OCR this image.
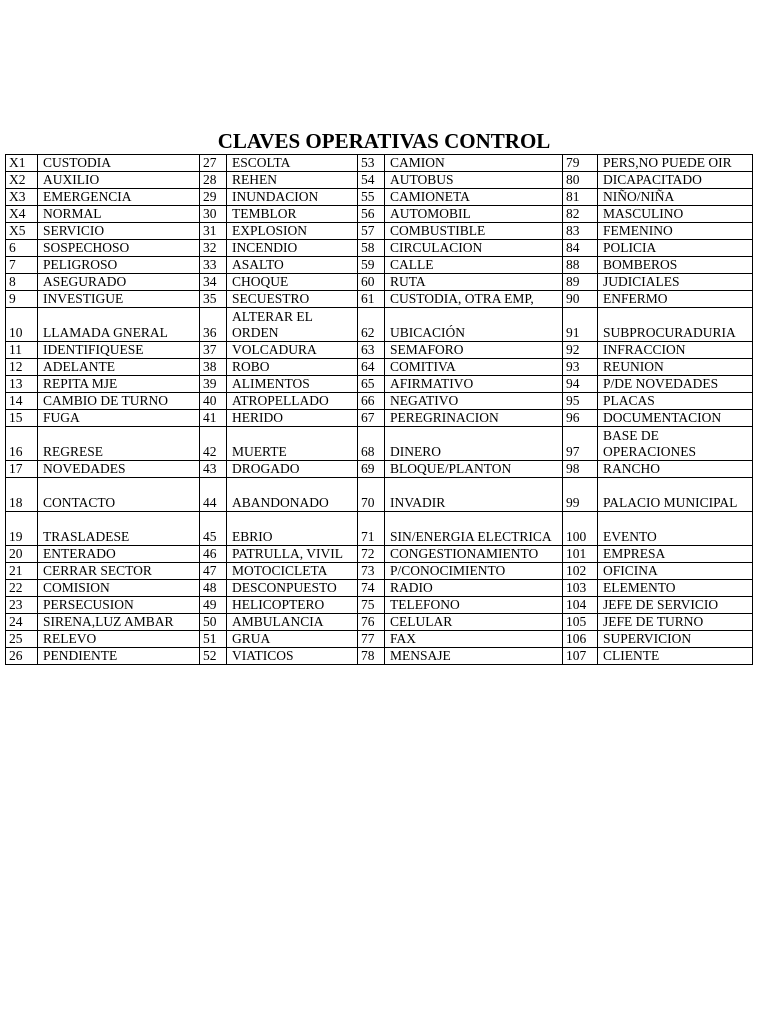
CLAVES OPERATIVAS CONTROL
X1	CUSTODIA	27	ESCOLTA	53	CAMION	79	PERS,NO PUEDE OIR
X2	AUXILIO	28	REHEN	54	AUTOBUS	80	DICAPACITADO
X3	EMERGENCIA	29	INUNDACION	55	CAMIONETA	81	NIÑO/NIÑA
X4	NORMAL	30	TEMBLOR	56	AUTOMOBIL	82	MASCULINO
X5	SERVICIO	31	EXPLOSION	57	COMBUSTIBLE	83	FEMENINO
6	SOSPECHOSO	32	INCENDIO	58	CIRCULACION	84	POLICIA
7	PELIGROSO	33	ASALTO	59	CALLE	88	BOMBEROS
8	ASEGURADO	34	CHOQUE	60	RUTA	89	JUDICIALES
9	INVESTIGUE	35	SECUESTRO	61	CUSTODIA, OTRA EMP,	90	ENFERMO
10	LLAMADA GNERAL	36	ALTERAR EL ORDEN	62	UBICACIÓN	91	SUBPROCURADURIA
11	IDENTIFIQUESE	37	VOLCADURA	63	SEMAFORO	92	INFRACCION
12	ADELANTE	38	ROBO	64	COMITIVA	93	REUNION
13	REPITA MJE	39	ALIMENTOS	65	AFIRMATIVO	94	P/DE NOVEDADES
14	CAMBIO DE TURNO	40	ATROPELLADO	66	NEGATIVO	95	PLACAS
15	FUGA	41	HERIDO	67	PEREGRINACION	96	DOCUMENTACION
16	REGRESE	42	MUERTE	68	DINERO	97	BASE DE OPERACIONES
17	NOVEDADES	43	DROGADO	69	BLOQUE/PLANTON	98	RANCHO
18	CONTACTO	44	ABANDONADO	70	INVADIR	99	PALACIO MUNICIPAL
19	TRASLADESE	45	EBRIO	71	SIN/ENERGIA ELECTRICA	100	EVENTO
20	ENTERADO	46	PATRULLA, VIVIL	72	CONGESTIONAMIENTO	101	EMPRESA
21	CERRAR SECTOR	47	MOTOCICLETA	73	P/CONOCIMIENTO	102	OFICINA
22	COMISION	48	DESCONPUESTO	74	RADIO	103	ELEMENTO
23	PERSECUSION	49	HELICOPTERO	75	TELEFONO	104	JEFE DE SERVICIO
24	SIRENA,LUZ AMBAR	50	AMBULANCIA	76	CELULAR	105	JEFE DE TURNO
25	RELEVO	51	GRUA	77	FAX	106	SUPERVICION
26	PENDIENTE	52	VIATICOS	78	MENSAJE	107	CLIENTE
